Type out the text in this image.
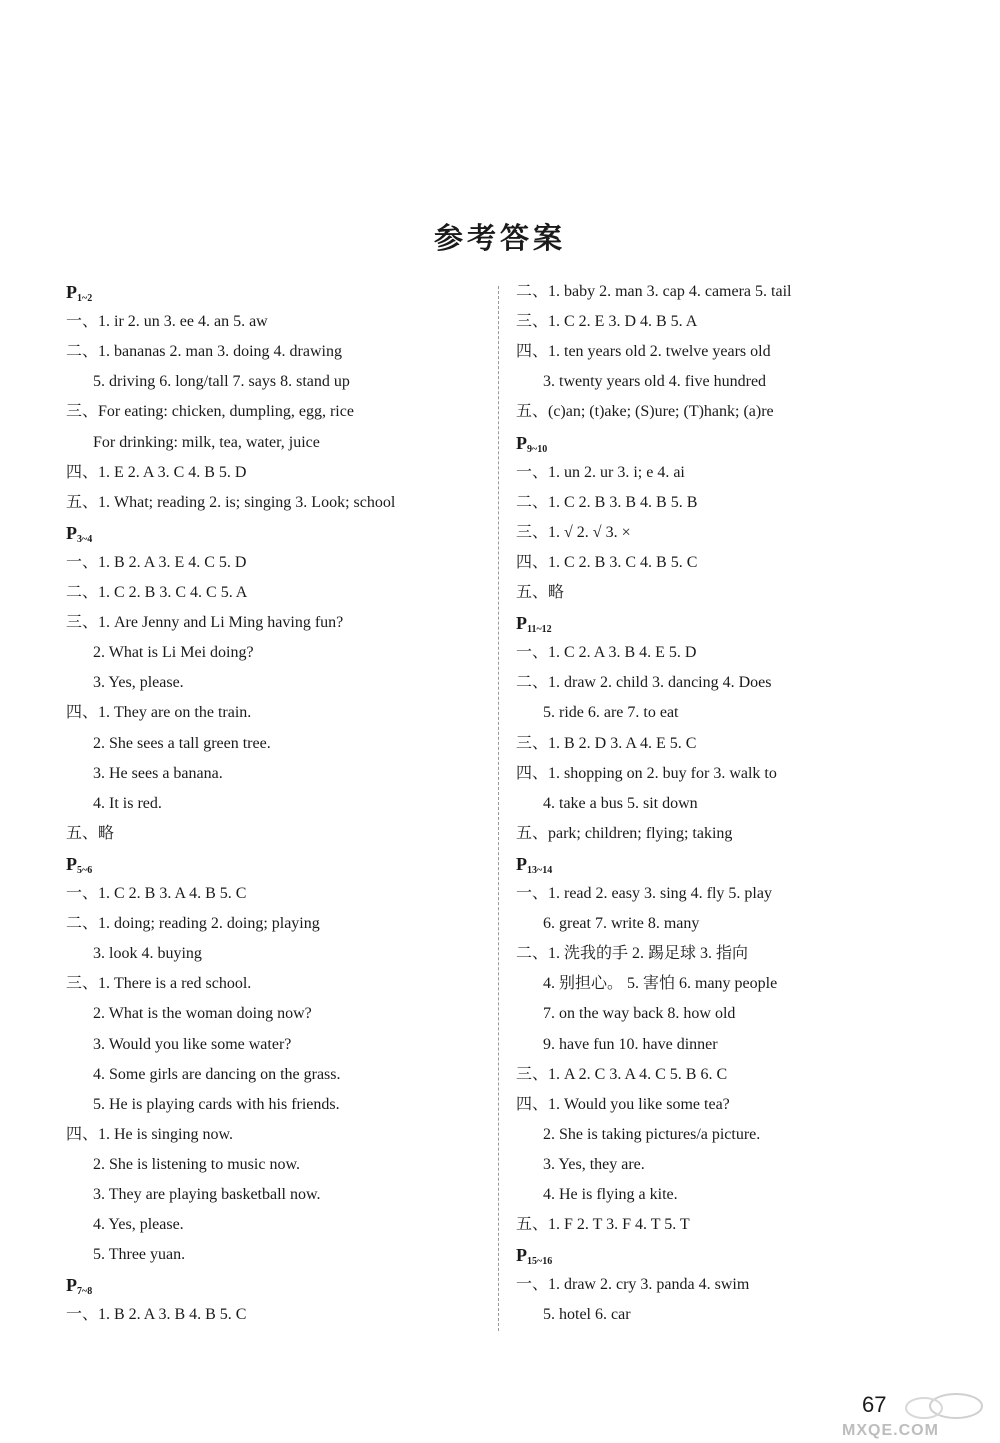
参考答案
$P_{1\sim 2}$
一、1. ir 2. un 3. ee 4. an 5. aw
二、1. bananas 2. man 3. doing 4. drawing
5. driving 6. long/tall 7. says 8. stand up
三、For eating: chicken, dumpling, egg, rice
For drinking: milk, tea, water, juice
四、1. E 2. A 3. C 4. B 5. D
五、1. What; reading 2. is; singing 3. Look; school
$P_{3\sim 4}$
一、1. B 2. A 3. E 4. C 5. D
二、1. C 2. B 3. C 4. C 5. A
三、1. Are Jenny and Li Ming having fun?
2. What is Li Mei doing?
3. Yes, please.
四、1. They are on the train.
2. She sees a tall green tree.
3. He sees a banana.
4. It is red.
五、略
$P_{5\sim 6}$
一、1. C 2. B 3. A 4. B 5. C
二、1. doing; reading 2. doing; playing
3. look 4. buying
三、1. There is a red school.
2. What is the woman doing now?
3. Would you like some water?
4. Some girls are dancing on the grass.
5. He is playing cards with his friends.
四、1. He is singing now.
2. She is listening to music now.
3. They are playing basketball now.
4. Yes, please.
5. Three yuan.
$P_{7\sim 8}$
一、1. B 2. A 3. B 4. B 5. C
二、1. baby 2. man 3. cap 4. camera 5. tail
三、1. C 2. E 3. D 4. B 5. A
四、1. ten years old 2. twelve years old
3. twenty years old 4. five hundred
五、(c)an; (t)ake; (S)ure; (T)hank; (a)re
$P_{9\sim 10}$
一、1. un 2. ur 3. i; e 4. ai
二、1. C 2. B 3. B 4. B 5. B
三、1. √ 2. √ 3. ×
四、1. C 2. B 3. C 4. B 5. C
五、略
$P_{11\sim 12}$
一、1. C 2. A 3. B 4. E 5. D
二、1. draw 2. child 3. dancing 4. Does
5. ride 6. are 7. to eat
三、1. B 2. D 3. A 4. E 5. C
四、1. shopping on 2. buy for 3. walk to
4. take a bus 5. sit down
五、park; children; flying; taking
$P_{13\sim 14}$
一、1. read 2. easy 3. sing 4. fly 5. play
6. great 7. write 8. many
二、1. 洗我的手 2. 踢足球 3. 指向
4. 别担心。 5. 害怕 6. many people
7. on the way back 8. how old
9. have fun 10. have dinner
三、1. A 2. C 3. A 4. C 5. B 6. C
四、1. Would you like some tea?
2. She is taking pictures/a picture.
3. Yes, they are.
4. He is flying a kite.
五、1. F 2. T 3. F 4. T 5. T
$P_{15\sim 16}$
一、1. draw 2. cry 3. panda 4. swim
5. hotel 6. car
67
MXQE.COM
